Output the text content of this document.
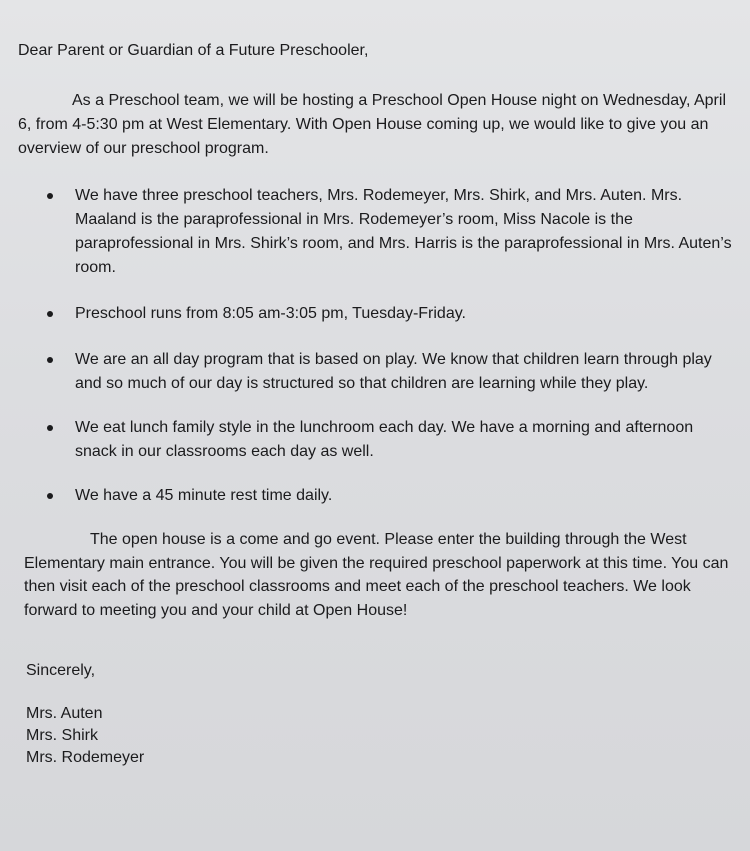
Dear Parent or Guardian of a Future Preschooler,
As a Preschool team, we will be hosting a Preschool Open House night on Wednesday, April 6, from 4-5:30 pm at West Elementary. With Open House coming up, we would like to give you an overview of our preschool program.
We have three preschool teachers, Mrs. Rodemeyer, Mrs. Shirk, and Mrs. Auten. Mrs. Maaland is the paraprofessional in Mrs. Rodemeyer’s room, Miss Nacole is the paraprofessional in Mrs. Shirk’s room, and Mrs. Harris is the paraprofessional in Mrs. Auten’s room.
Preschool runs from 8:05 am-3:05 pm, Tuesday-Friday.
We are an all day program that is based on play. We know that children learn through play and so much of our day is structured so that children are learning while they play.
We eat lunch family style in the lunchroom each day. We have a morning and afternoon snack in our classrooms each day as well.
We have a 45 minute rest time daily.
The open house is a come and go event. Please enter the building through the West Elementary main entrance. You will be given the required preschool paperwork at this time. You can then visit each of the preschool classrooms and meet each of the preschool teachers. We look forward to meeting you and your child at Open House!
Sincerely,
Mrs. Auten
Mrs. Shirk
Mrs. Rodemeyer
